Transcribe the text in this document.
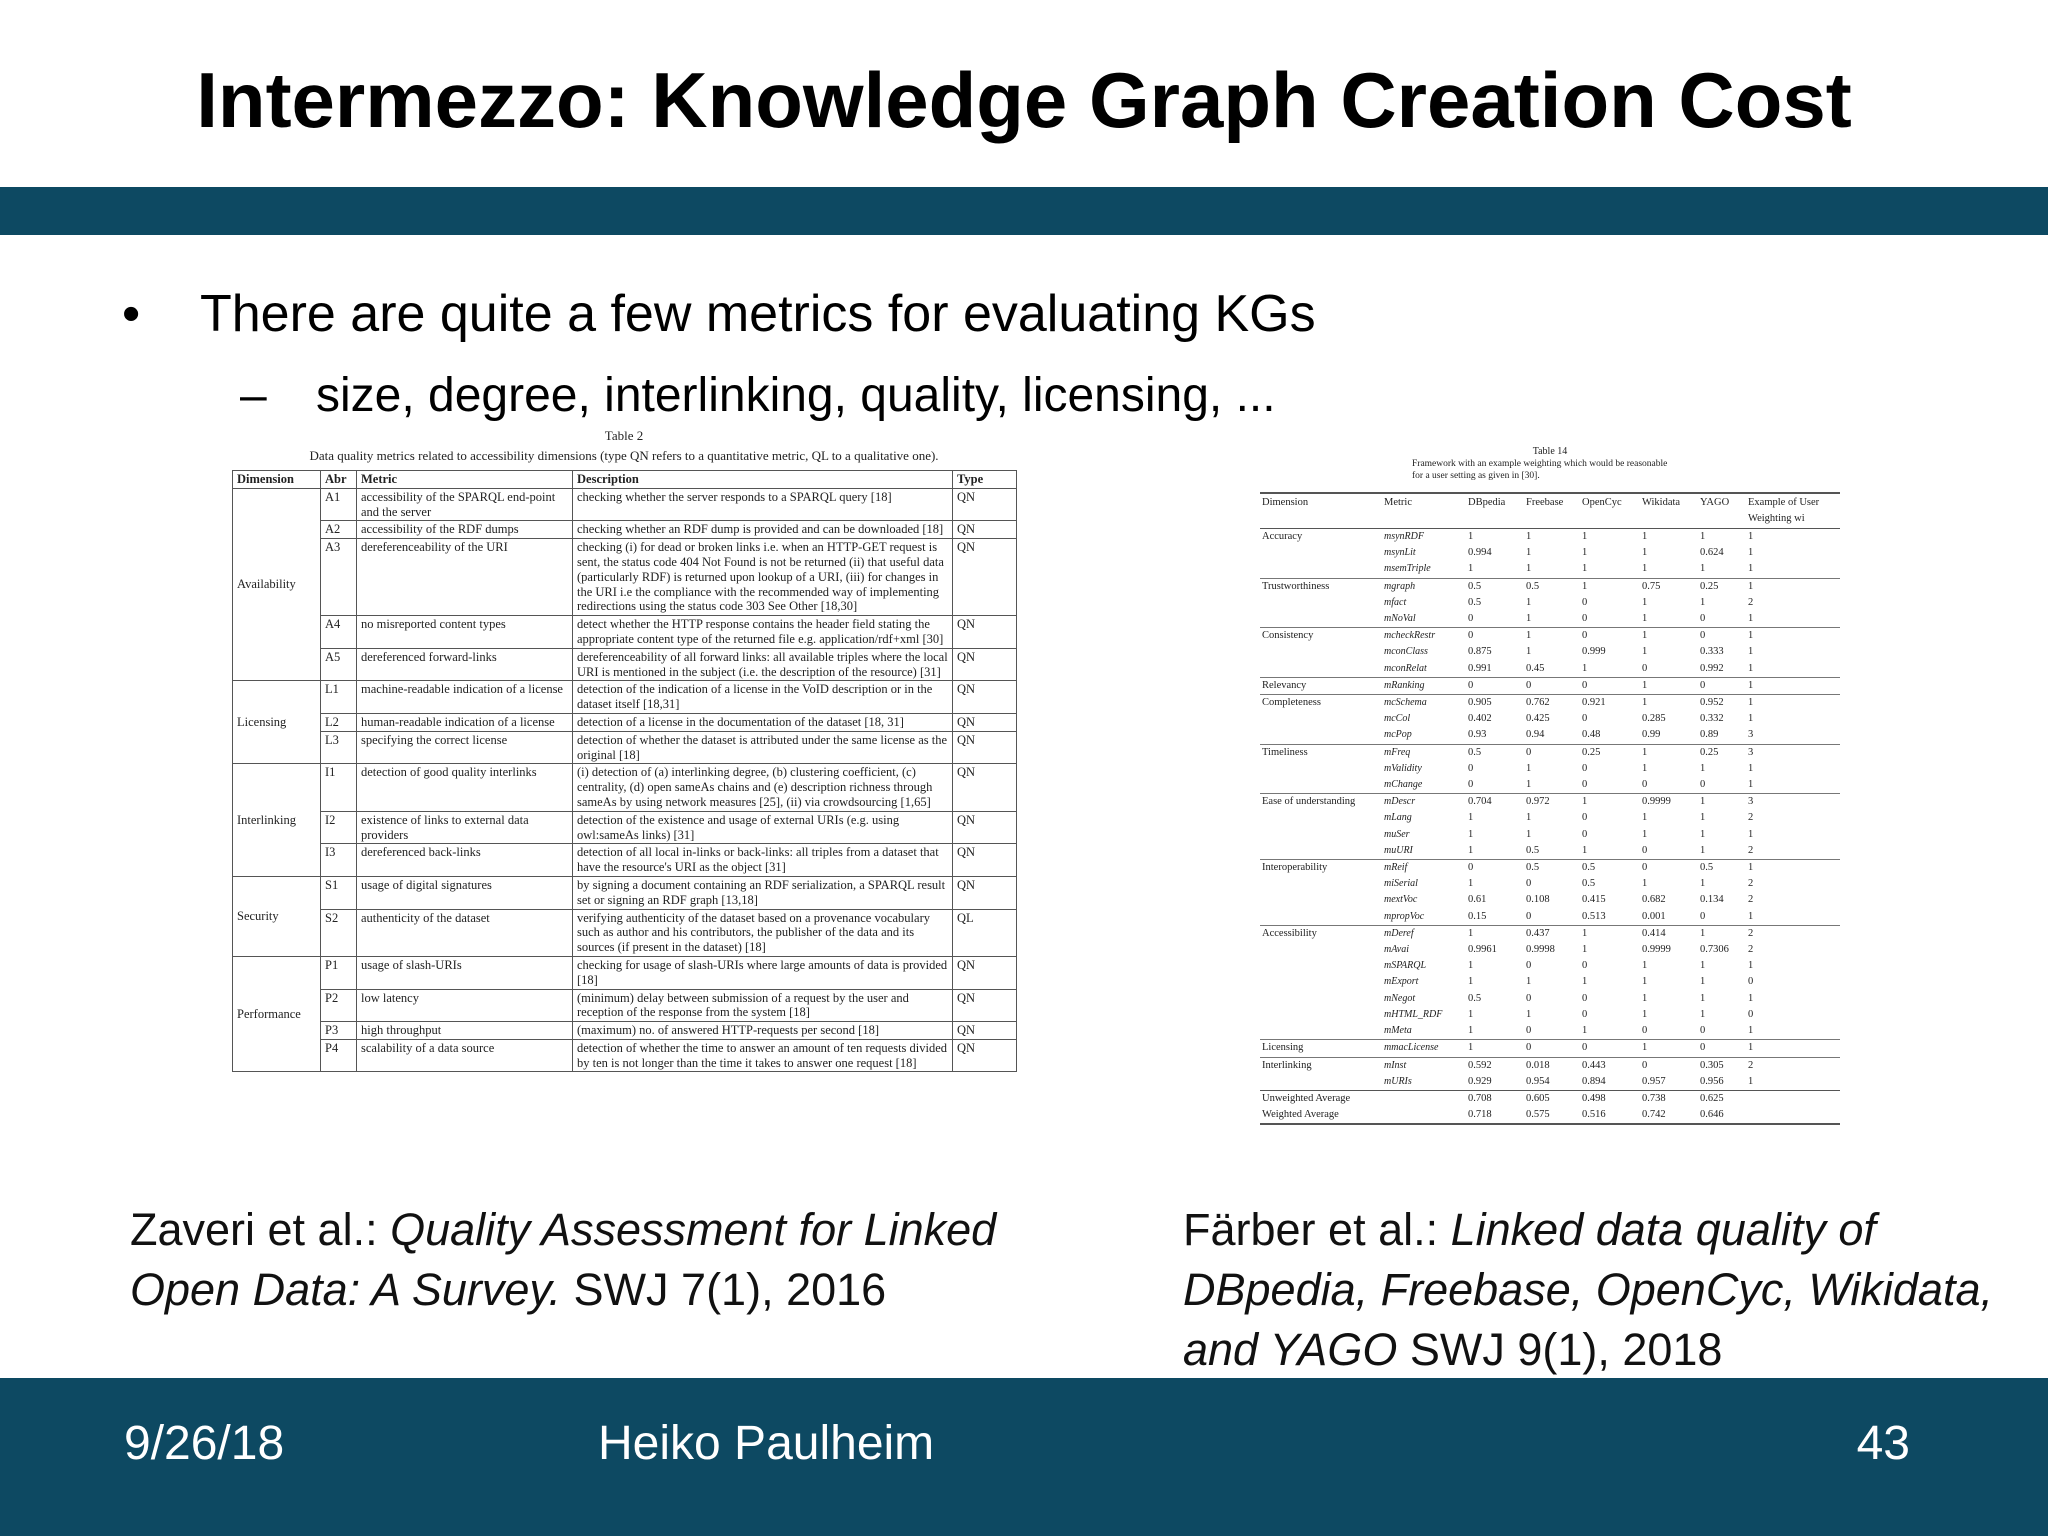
Intermezzo: Knowledge Graph Creation Cost
• There are quite a few metrics for evaluating KGs
– size, degree, interlinking, quality, licensing, ...
Table 2
Data quality metrics related to accessibility dimensions (type QN refers to a quantitative metric, QL to a qualitative one).
Dimension	Abr	Metric	Description	Type
Availability	A1	accessibility of the SPARQL end-point and the server	checking whether the server responds to a SPARQL query [18]	QN
	A2	accessibility of the RDF dumps	checking whether an RDF dump is provided and can be downloaded [18]	QN
	A3	dereferenceability of the URI	checking (i) for dead or broken links i.e. when an HTTP-GET request is sent, the status code 404 Not Found is not be returned (ii) that useful data (particularly RDF) is returned upon lookup of a URI, (iii) for changes in the URI i.e the compliance with the recommended way of implementing redirections using the status code 303 See Other [18,30]	QN
	A4	no misreported content types	detect whether the HTTP response contains the header field stating the appropriate content type of the returned file e.g. application/rdf+xml [30]	QN
	A5	dereferenced forward-links	dereferenceability of all forward links: all available triples where the local URI is mentioned in the subject (i.e. the description of the resource) [31]	QN
Licensing	L1	machine-readable indication of a license	detection of the indication of a license in the VoID description or in the dataset itself [18,31]	QN
	L2	human-readable indication of a license	detection of a license in the documentation of the dataset [18, 31]	QN
	L3	specifying the correct license	detection of whether the dataset is attributed under the same license as the original [18]	QN
Interlinking	I1	detection of good quality interlinks	(i) detection of (a) interlinking degree, (b) clustering coefficient, (c) centrality, (d) open sameAs chains and (e) description richness through sameAs by using network measures [25], (ii) via crowdsourcing [1,65]	QN
	I2	existence of links to external data providers	detection of the existence and usage of external URIs (e.g. using owl:sameAs links) [31]	QN
	I3	dereferenced back-links	detection of all local in-links or back-links: all triples from a dataset that have the resource's URI as the object [31]	QN
Security	S1	usage of digital signatures	by signing a document containing an RDF serialization, a SPARQL result set or signing an RDF graph [13,18]	QN
	S2	authenticity of the dataset	verifying authenticity of the dataset based on a provenance vocabulary such as author and his contributors, the publisher of the data and its sources (if present in the dataset) [18]	QL
Performance	P1	usage of slash-URIs	checking for usage of slash-URIs where large amounts of data is provided [18]	QN
	P2	low latency	(minimum) delay between submission of a request by the user and reception of the response from the system [18]	QN
	P3	high throughput	(maximum) no. of answered HTTP-requests per second [18]	QN
	P4	scalability of a data source	detection of whether the time to answer an amount of ten requests divided by ten is not longer than the time it takes to answer one request [18]	QN
Table 14
Framework with an example weighting which would be reasonable for a user setting as given in [30].
Dimension	Metric	DBpedia	Freebase	OpenCyc	Wikidata	YAGO	Example of User Weighting wi
Accuracy	msynRDF	1	1	1	1	1	1
	msynLit	0.994	1	1	1	0.624	1
	msemTriple	1	1	1	1	1	1
Trustworthiness	mgraph	0.5	0.5	1	0.75	0.25	1
	mfact	0.5	1	0	1	1	2
	mNoVal	0	1	0	1	0	1
Consistency	mcheckRestr	0	1	0	1	0	1
	mconClass	0.875	1	0.999	1	0.333	1
	mconRelat	0.991	0.45	1	0	0.992	1
Relevancy	mRanking	0	0	0	1	0	1
Completeness	mcSchema	0.905	0.762	0.921	1	0.952	1
	mcCol	0.402	0.425	0	0.285	0.332	1
	mcPop	0.93	0.94	0.48	0.99	0.89	3
Timeliness	mFreq	0.5	0	0.25	1	0.25	3
	mValidity	0	1	0	1	1	1
	mChange	0	1	0	0	0	1
Ease of understanding	mDescr	0.704	0.972	1	0.9999	1	3
	mLang	1	1	0	1	1	2
	muSer	1	1	0	1	1	1
	muURI	1	0.5	1	0	1	2
Interoperability	mReif	0	0.5	0.5	0	0.5	1
	miSerial	1	0	0.5	1	1	2
	mextVoc	0.61	0.108	0.415	0.682	0.134	2
	mpropVoc	0.15	0	0.513	0.001	0	1
Accessibility	mDeref	1	0.437	1	0.414	1	2
	mAvai	0.9961	0.9998	1	0.9999	0.7306	2
	mSPARQL	1	0	0	1	1	1
	mExport	1	1	1	1	1	0
	mNegot	0.5	0	0	1	1	1
	mHTML_RDF	1	1	0	1	1	0
	mMeta	1	0	1	0	0	1
Licensing	mmacLicense	1	0	0	1	0	1
Interlinking	mInst	0.592	0.018	0.443	0	0.305	2
	mURIs	0.929	0.954	0.894	0.957	0.956	1
Unweighted Average		0.708	0.605	0.498	0.738	0.625	
Weighted Average		0.718	0.575	0.516	0.742	0.646	
Zaveri et al.: Quality Assessment for Linked Open Data: A Survey. SWJ 7(1), 2016
Färber et al.: Linked data quality of DBpedia, Freebase, OpenCyc, Wikidata, and YAGO SWJ 9(1), 2018
9/26/18	Heiko Paulheim	43
